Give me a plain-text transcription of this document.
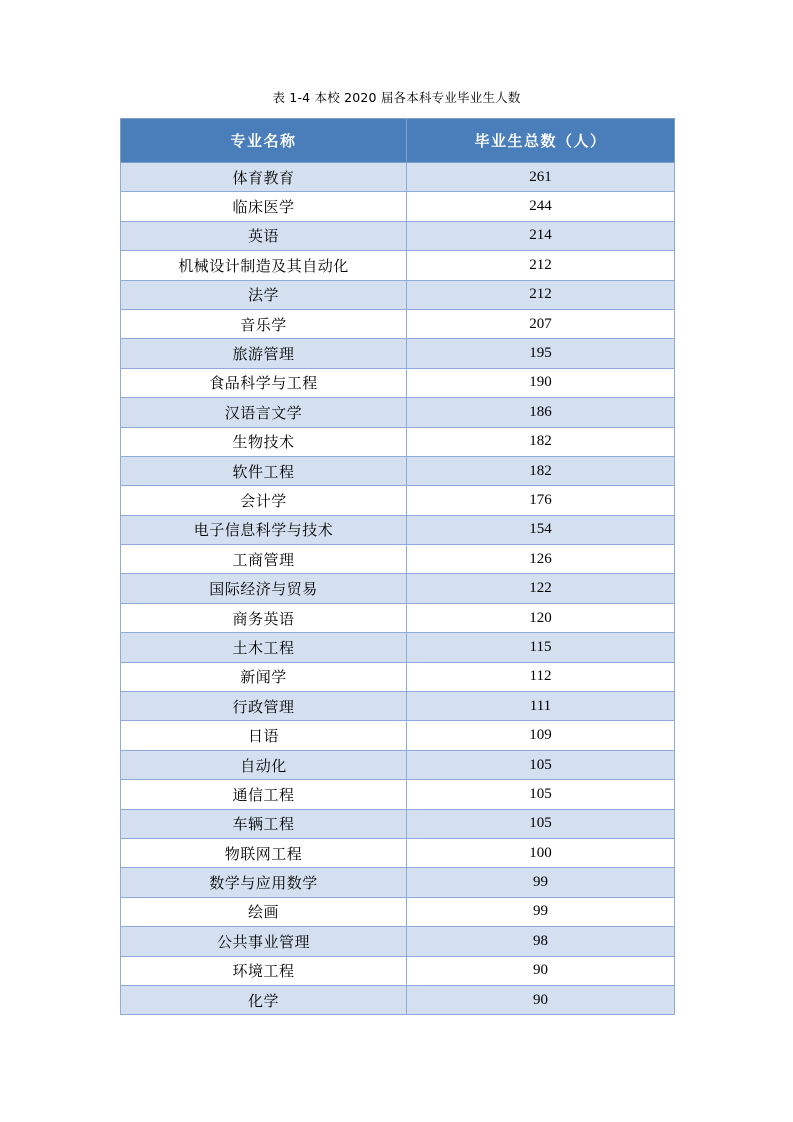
表 1-4 本校 2020 届各本科专业毕业生人数
专业名称	毕业生总数（人）
体育教育	261
临床医学	244
英语	214
机械设计制造及其自动化	212
法学	212
音乐学	207
旅游管理	195
食品科学与工程	190
汉语言文学	186
生物技术	182
软件工程	182
会计学	176
电子信息科学与技术	154
工商管理	126
国际经济与贸易	122
商务英语	120
土木工程	115
新闻学	112
行政管理	111
日语	109
自动化	105
通信工程	105
车辆工程	105
物联网工程	100
数学与应用数学	99
绘画	99
公共事业管理	98
环境工程	90
化学	90
